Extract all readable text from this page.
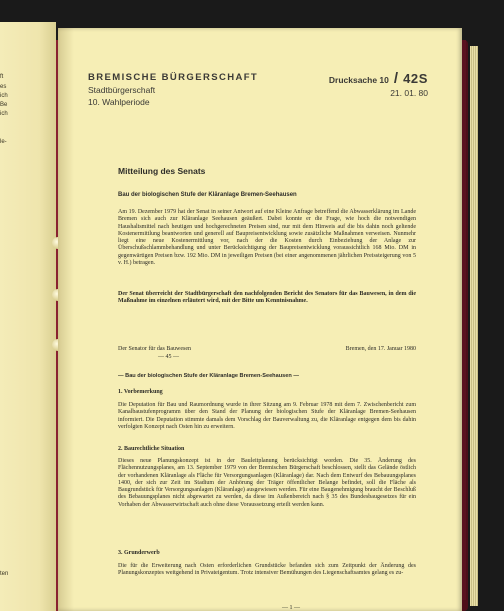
ft
es
ich
Be
ich
le-
ten
BREMISCHE BÜRGERSCHAFT
Stadtbürgerschaft
10. Wahlperiode
Drucksache 10 / 42S
21. 01. 80
Mitteilung des Senats
Bau der biologischen Stufe der Kläranlage Bremen-Seehausen

Am 19. Dezember 1979 hat der Senat in seiner Antwort auf eine Kleine Anfrage betreffend die Abwasserklärung im Lande Bremen sich auch zur Kläranlage Seehausen geäußert. Dabei konnte er die Frage, wie hoch die notwendigen Haushaltsmittel nach heutigen und hochgerechneten Preisen sind, nur mit dem Hinweis auf die bis dahin noch geltende Kostenermittlung beantworten und generell auf Baupreisentwicklung sowie zusätzliche Maßnahmen verweisen. Nunmehr liegt eine neue Kostenermittlung vor, nach der die Kosten durch Einbeziehung der Anlage zur Überschußschlammbehandlung und unter Berücksichtigung der Baupreisentwicklung voraussichtlich 168 Mio. DM in gegenwärtigen Preisen bzw. 192 Mio. DM in jeweiligen Preisen (bei einer angenommenen jährlichen Preissteigerung von 5 v. H.) betragen.

Der Senat überreicht der Stadtbürgerschaft den nachfolgenden Bericht des Senators für das Bauwesen, in dem die Maßnahme im einzelnen erläutert wird, mit der Bitte um Kenntnisnahme.

Der Senator für das Bauwesen
— 45 —
Bremen, den 17. Januar 1980
— Bau der biologischen Stufe der Kläranlage Bremen-Seehausen —
1. Vorbemerkung

Die Deputation für Bau und Raumordnung wurde in ihrer Sitzung am 9. Februar 1978 mit dem 7. Zwischenbericht zum Kanalbaustufenprogramm über den Stand der Planung der biologischen Stufe der Kläranlage Bremen-Seehausen informiert. Die Deputation stimmte damals dem Vorschlag der Bauverwaltung zu, die Kläranlage entgegen dem bis dahin verfolgten Konzept nach Osten hin zu erweitern.

2. Baurechtliche Situation

Dieses neue Planungskonzept ist in der Bauleitplanung berücksichtigt worden. Die 35. Änderung des Flächennutzungsplanes, am 13. September 1979 von der Bremischen Bürgerschaft beschlossen, stellt das Gelände östlich der vorhandenen Kläranlage als Fläche für Versorgungsanlagen (Kläranlage) dar. Nach dem Entwurf des Bebauungsplanes 1400, der sich zur Zeit im Stadium der Anhörung der Träger öffentlicher Belange befindet, soll die Fläche als Baugrundstück für Versorgungsanlagen (Kläranlage) ausgewiesen werden. Für eine Baugenehmigung braucht der Beschluß des Bebauungsplanes nicht abgewartet zu werden, da diese im Außenbereich nach § 35 des Bundesbaugesetzes für ein Vorhaben der Abwasserwirtschaft auch ohne diese Voraussetzung erteilt werden kann.

3. Grunderwerb

Die für die Erweiterung nach Osten erforderlichen Grundstücke befanden sich zum Zeitpunkt der Änderung des Planungskonzeptes weitgehend in Privateigentum. Trotz intensiver Bemühungen des Liegenschaftsamtes gelang es zu-

— 1 —
